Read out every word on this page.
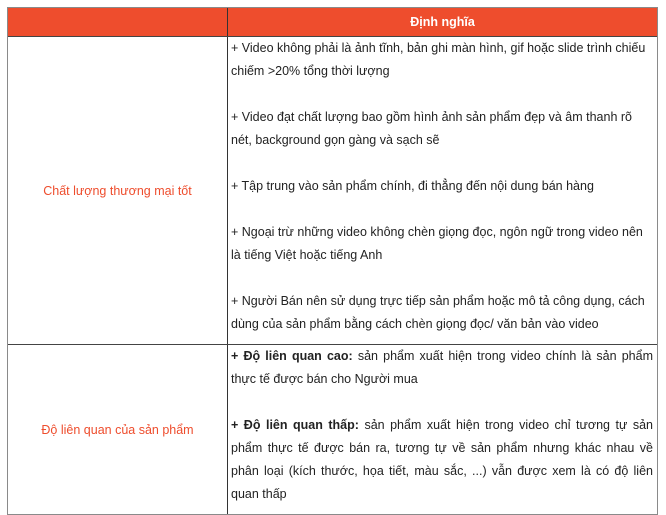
Định nghĩa
Chất lượng thương mại tốt

+ Video không phải là ảnh tĩnh, bản ghi màn hình, gif hoặc slide trình chiếu chiếm >20% tổng thời lượng

+ Video đạt chất lượng bao gồm hình ảnh sản phẩm đẹp và âm thanh rõ nét, background gọn gàng và sạch sẽ

+ Tập trung vào sản phẩm chính, đi thẳng đến nội dung bán hàng

+ Ngoại trừ những video không chèn giọng đọc, ngôn ngữ trong video nên là tiếng Việt hoặc tiếng Anh

+ Người Bán nên sử dụng trực tiếp sản phẩm hoặc mô tả công dụng, cách dùng của sản phẩm bằng cách chèn giọng đọc/ văn bản vào video

Độ liên quan của sản phẩm

+ Độ liên quan cao: sản phẩm xuất hiện trong video chính là sản phẩm thực tế được bán cho Người mua

+ Độ liên quan thấp: sản phẩm xuất hiện trong video chỉ tương tự sản phẩm thực tế được bán ra, tương tự về sản phẩm nhưng khác nhau về phân loại (kích thước, họa tiết, màu sắc, ...) vẫn được xem là có độ liên quan thấp
